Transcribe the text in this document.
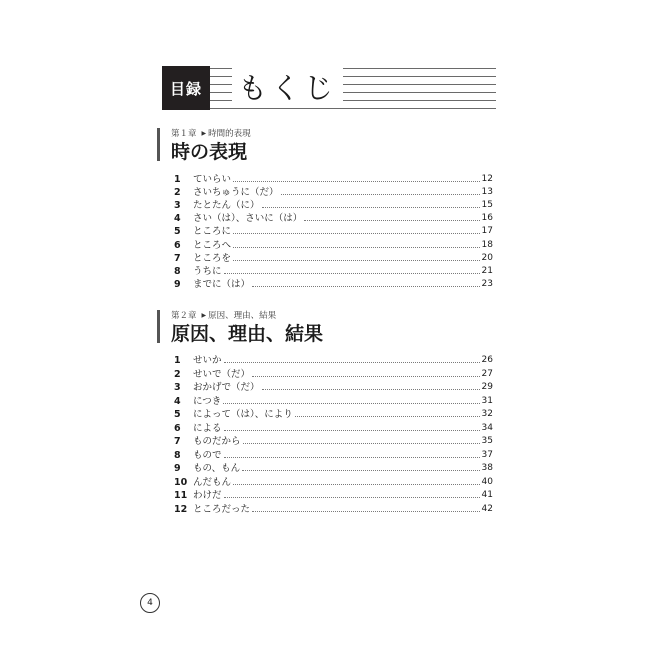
目録 もくじ
第１章 ▶ 時間的表現
時の表現
1	ていらい	12
2	さいちゅうに（だ）	13
3	たとたん（に）	15
4	さい（は）、さいに（は）	16
5	ところに	17
6	ところへ	18
7	ところを	20
8	うちに	21
9	までに（は）	23
第２章 ▶ 原因、理由、結果
原因、理由、結果
1	せいか	26
2	せいで（だ）	27
3	おかげで（だ）	29
4	につき	31
5	によって（は）、により	32
6	による	34
7	ものだから	35
8	もので	37
9	もの、もん	38
10 んだもん	40
11 わけだ	41
12 ところだった	42
4
